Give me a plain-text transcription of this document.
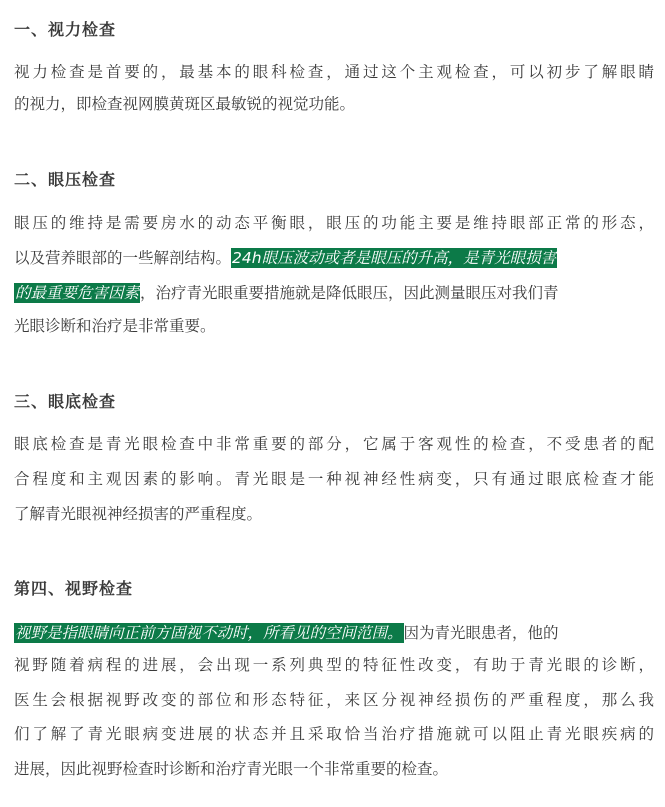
一、视力检查
视力检查是首要的，最基本的眼科检查，通过这个主观检查，可以初步了解眼睛
的视力，即检查视网膜黄斑区最敏锐的视觉功能。
二、眼压检查
眼压的维持是需要房水的动态平衡眼，眼压的功能主要是维持眼部正常的形态，
以及营养眼部的一些解剖结构。24h眼压波动或者是眼压的升高，是青光眼损害
的最重要危害因素，治疗青光眼重要措施就是降低眼压，因此测量眼压对我们青
光眼诊断和治疗是非常重要。
三、眼底检查
眼底检查是青光眼检查中非常重要的部分，它属于客观性的检查，不受患者的配
合程度和主观因素的影响。青光眼是一种视神经性病变，只有通过眼底检查才能
了解青光眼视神经损害的严重程度。
第四、视野检查
视野是指眼睛向正前方固视不动时，所看见的空间范围。因为青光眼患者，他的
视野随着病程的进展，会出现一系列典型的特征性改变，有助于青光眼的诊断，
医生会根据视野改变的部位和形态特征，来区分视神经损伤的严重程度，那么我
们了解了青光眼病变进展的状态并且采取恰当治疗措施就可以阻止青光眼疾病的
进展，因此视野检查时诊断和治疗青光眼一个非常重要的检查。
